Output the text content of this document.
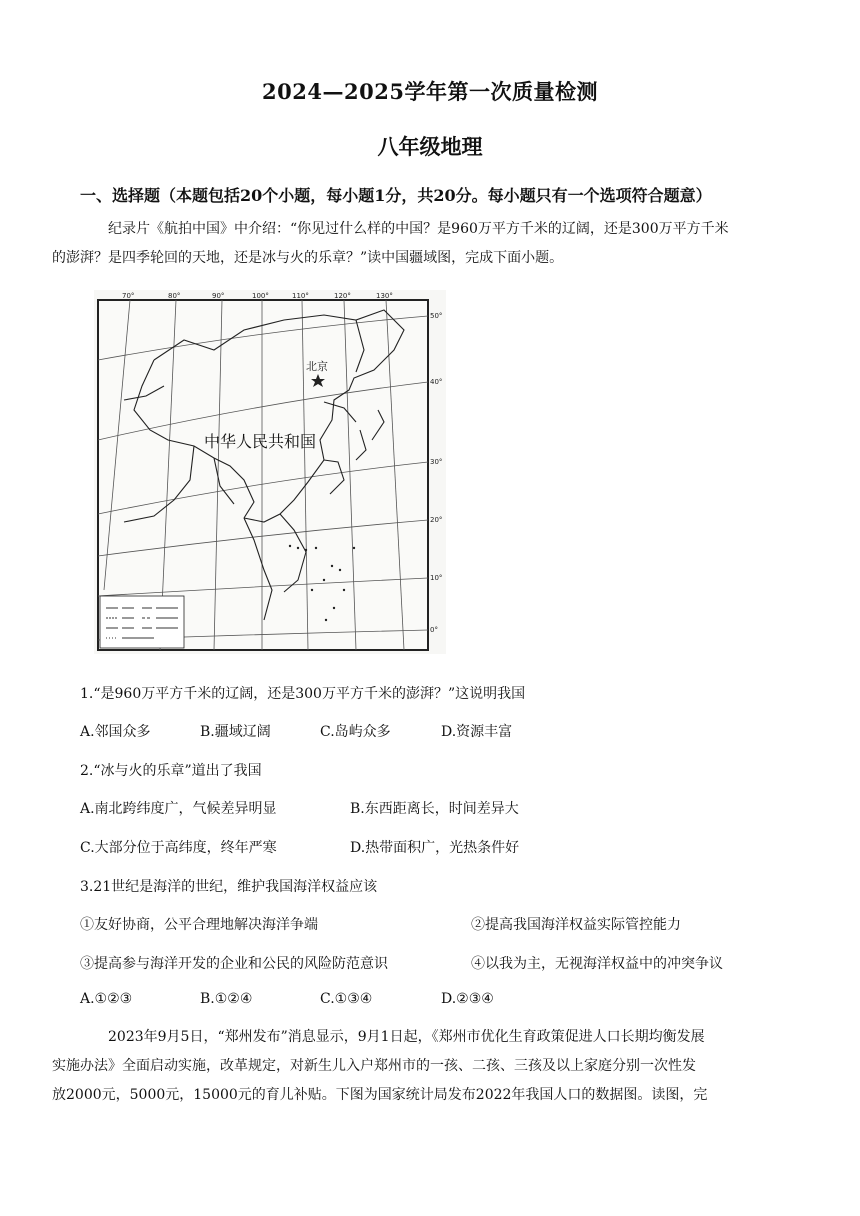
2024—2025学年第一次质量检测
八年级地理
一、选择题（本题包括20个小题，每小题1分，共20分。每小题只有一个选项符合题意）
纪录片《航拍中国》中介绍：“你见过什么样的中国？是960万平方千米的辽阔，还是300万平方千米
的澎湃？是四季轮回的天地，还是冰与火的乐章？”读中国疆域图，完成下面小题。
70°	80°	90°	100°	110°	120°	130°
50°
40°
30°
20°
10°
0°
北京
中华人民共和国
1.“是960万平方千米的辽阔，还是300万平方千米的澎湃？”这说明我国
A.邻国众多	B.疆域辽阔	C.岛屿众多	D.资源丰富
2.“冰与火的乐章”道出了我国
A.南北跨纬度广，气候差异明显	B.东西距离长，时间差异大
C.大部分位于高纬度，终年严寒	D.热带面积广，光热条件好
3.21世纪是海洋的世纪，维护我国海洋权益应该
①友好协商，公平合理地解决海洋争端	②提高我国海洋权益实际管控能力
③提高参与海洋开发的企业和公民的风险防范意识	④以我为主，无视海洋权益中的冲突争议
A.①②③	B.①②④	C.①③④	D.②③④
2023年9月5日，“郑州发布”消息显示，9月1日起，《郑州市优化生育政策促进人口长期均衡发展
实施办法》全面启动实施，改革规定，对新生儿入户郑州市的一孩、二孩、三孩及以上家庭分别一次性发
放2000元，5000元，15000元的育儿补贴。下图为国家统计局发布2022年我国人口的数据图。读图，完
